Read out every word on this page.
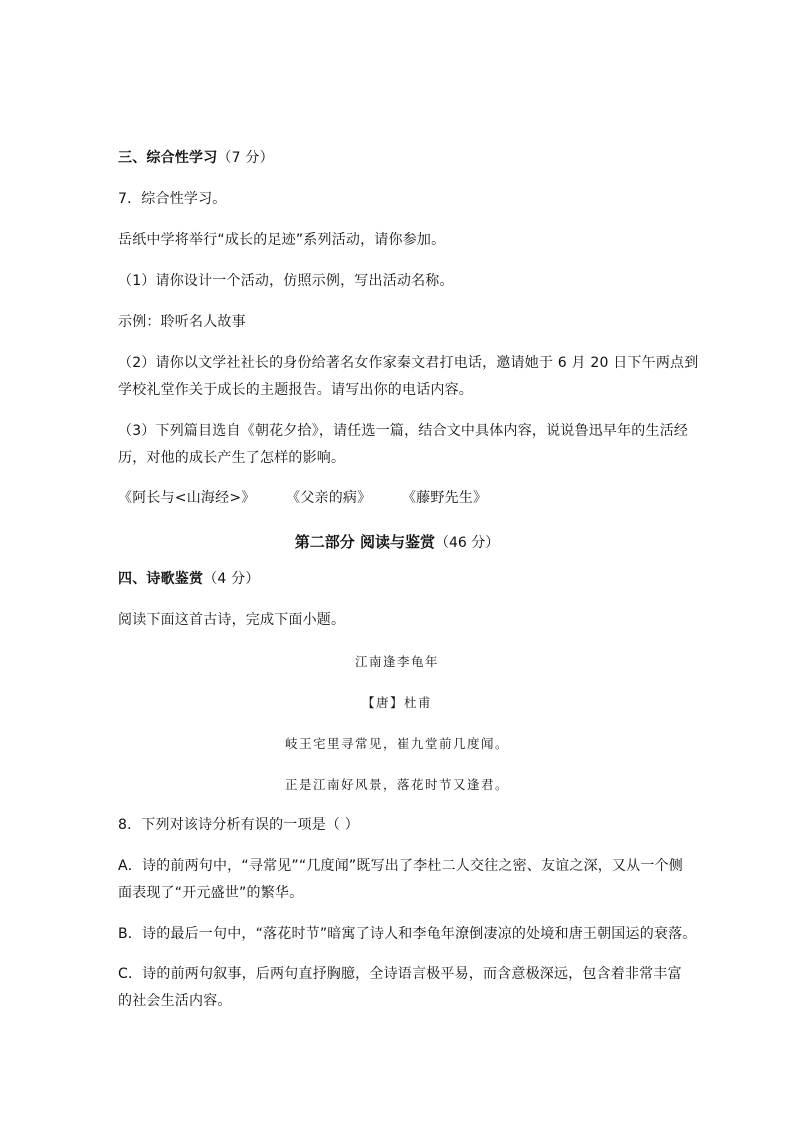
三、综合性学习（7 分）
7．综合性学习。
岳纸中学将举行“成长的足迹”系列活动，请你参加。
（1）请你设计一个活动，仿照示例，写出活动名称。
示例：聆听名人故事
（2）请你以文学社社长的身份给著名女作家秦文君打电话，邀请她于 6 月 20 日下午两点到
学校礼堂作关于成长的主题报告。请写出你的电话内容。
（3）下列篇目选自《朝花夕拾》，请任选一篇，结合文中具体内容，说说鲁迅早年的生活经
历，对他的成长产生了怎样的影响。
《阿长与<山海经>》 《父亲的病》 《藤野先生》
第二部分 阅读与鉴赏（46 分）
四、诗歌鉴赏（4 分）
阅读下面这首古诗，完成下面小题。
江南逢李龟年
【唐】杜甫
岐王宅里寻常见，崔九堂前几度闻。
正是江南好风景，落花时节又逢君。
8．下列对该诗分析有误的一项是（ ）
A．诗的前两句中，“寻常见”“几度闻”既写出了李杜二人交往之密、友谊之深，又从一个侧
面表现了“开元盛世”的繁华。
B．诗的最后一句中，“落花时节”暗寓了诗人和李龟年潦倒凄凉的处境和唐王朝国运的衰落。
C．诗的前两句叙事，后两句直抒胸臆，全诗语言极平易，而含意极深远，包含着非常丰富
的社会生活内容。
